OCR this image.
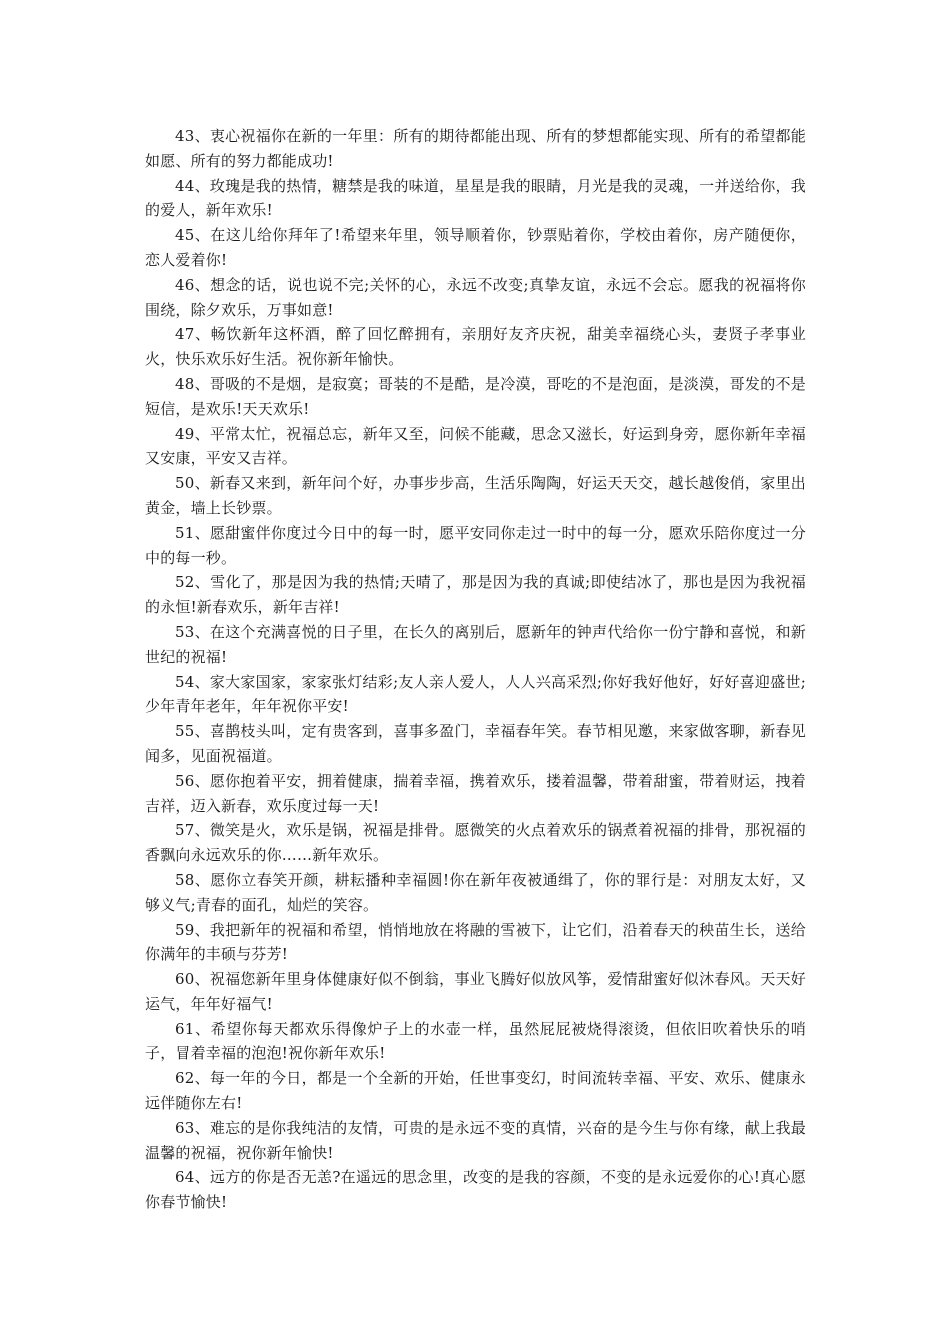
43、衷心祝福你在新的一年里：所有的期待都能出现、所有的梦想都能实现、所有的希望都能如愿、所有的努力都能成功!

44、玫瑰是我的热情，糖禁是我的味道，星星是我的眼睛，月光是我的灵魂，一并送给你，我的爱人，新年欢乐!

45、在这儿给你拜年了!希望来年里，领导顺着你，钞票贴着你，学校由着你，房产随便你，恋人爱着你!

46、想念的话，说也说不完;关怀的心，永远不改变;真挚友谊，永远不会忘。愿我的祝福将你围绕，除夕欢乐，万事如意!

47、畅饮新年这杯酒，醉了回忆醉拥有，亲朋好友齐庆祝，甜美幸福绕心头，妻贤子孝事业火，快乐欢乐好生活。祝你新年愉快。

48、哥吸的不是烟，是寂寞；哥装的不是酷，是冷漠，哥吃的不是泡面，是淡漠，哥发的不是短信，是欢乐!天天欢乐!

49、平常太忙，祝福总忘，新年又至，问候不能藏，思念又滋长，好运到身旁，愿你新年幸福又安康，平安又吉祥。

50、新春又来到，新年问个好，办事步步高，生活乐陶陶，好运天天交，越长越俊俏，家里出黄金，墙上长钞票。

51、愿甜蜜伴你度过今日中的每一时，愿平安同你走过一时中的每一分，愿欢乐陪你度过一分中的每一秒。

52、雪化了，那是因为我的热情;天晴了，那是因为我的真诚;即使结冰了，那也是因为我祝福的永恒!新春欢乐，新年吉祥!

53、在这个充满喜悦的日子里，在长久的离别后，愿新年的钟声代给你一份宁静和喜悦，和新世纪的祝福!

54、家大家国家，家家张灯结彩;友人亲人爱人，人人兴高采烈;你好我好他好，好好喜迎盛世;少年青年老年，年年祝你平安!

55、喜鹊枝头叫，定有贵客到，喜事多盈门，幸福春年笑。春节相见邀，来家做客聊，新春见闻多，见面祝福道。

56、愿你抱着平安，拥着健康，揣着幸福，携着欢乐，搂着温馨，带着甜蜜，带着财运，拽着吉祥，迈入新春，欢乐度过每一天!

57、微笑是火，欢乐是锅，祝福是排骨。愿微笑的火点着欢乐的锅煮着祝福的排骨，那祝福的香飘向永远欢乐的你……新年欢乐。

58、愿你立春笑开颜，耕耘播种幸福圆!你在新年夜被通缉了，你的罪行是：对朋友太好，又够义气;青春的面孔，灿烂的笑容。

59、我把新年的祝福和希望，悄悄地放在将融的雪被下，让它们，沿着春天的秧苗生长，送给你满年的丰硕与芬芳!

60、祝福您新年里身体健康好似不倒翁，事业飞腾好似放风筝，爱情甜蜜好似沐春风。天天好运气，年年好福气!

61、希望你每天都欢乐得像炉子上的水壶一样，虽然屁屁被烧得滚烫，但依旧吹着快乐的哨子，冒着幸福的泡泡!祝你新年欢乐!

62、每一年的今日，都是一个全新的开始，任世事变幻，时间流转幸福、平安、欢乐、健康永远伴随你左右!

63、难忘的是你我纯洁的友情，可贵的是永远不变的真情，兴奋的是今生与你有缘，献上我最温馨的祝福，祝你新年愉快!

64、远方的你是否无恙?在遥远的思念里，改变的是我的容颜，不变的是永远爱你的心!真心愿你春节愉快!
